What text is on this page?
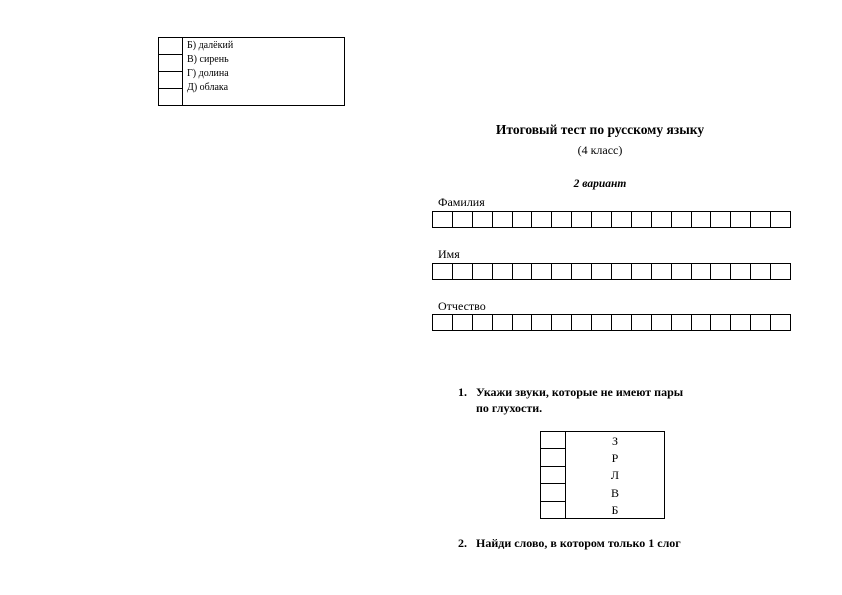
Б) далёкий
В) сирень
Г) долина
Д) облака
Итоговый тест по русскому языку
(4 класс)
2 вариант
Фамилия
Имя
Отчество
1. Укажи звуки, которые не имеют пары
по глухости.
З
Р
Л
В
Б
2. Найди слово, в котором только 1 слог
